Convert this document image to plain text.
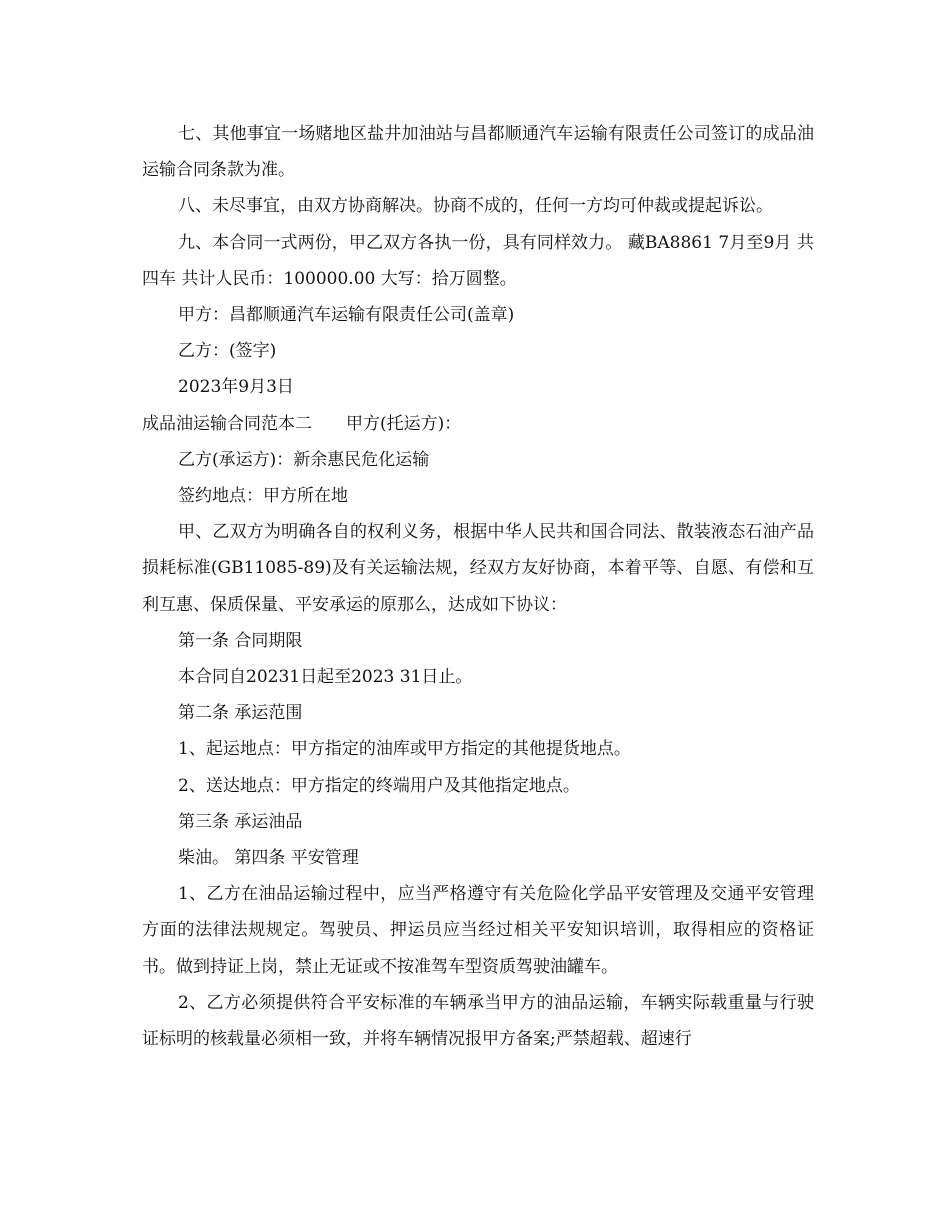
七、其他事宜一场赌地区盐井加油站与昌都顺通汽车运输有限责任公司签订的成品油运输合同条款为准。

八、未尽事宜，由双方协商解决。协商不成的，任何一方均可仲裁或提起诉讼。

九、本合同一式两份，甲乙双方各执一份，具有同样效力。 藏BA8861 7月至9月 共四车 共计人民币：100000.00 大写：拾万圆整。

甲方：昌都顺通汽车运输有限责任公司(盖章)

乙方：(签字)

2023年9月3日

成品油运输合同范本二　　甲方(托运方)：

乙方(承运方)：新余惠民危化运输

签约地点：甲方所在地

甲、乙双方为明确各自的权利义务，根据中华人民共和国合同法、散装液态石油产品损耗标准(GB11085-89)及有关运输法规，经双方友好协商，本着平等、自愿、有偿和互利互惠、保质保量、平安承运的原那么，达成如下协议：

第一条 合同期限

本合同自20231日起至2023 31日止。

第二条 承运范围

1、起运地点：甲方指定的油库或甲方指定的其他提货地点。

2、送达地点：甲方指定的终端用户及其他指定地点。

第三条 承运油品

柴油。 第四条 平安管理

1、乙方在油品运输过程中，应当严格遵守有关危险化学品平安管理及交通平安管理方面的法律法规规定。驾驶员、押运员应当经过相关平安知识培训，取得相应的资格证书。做到持证上岗，禁止无证或不按准驾车型资质驾驶油罐车。

2、乙方必须提供符合平安标准的车辆承当甲方的油品运输，车辆实际载重量与行驶证标明的核载量必须相一致，并将车辆情况报甲方备案;严禁超载、超速行
